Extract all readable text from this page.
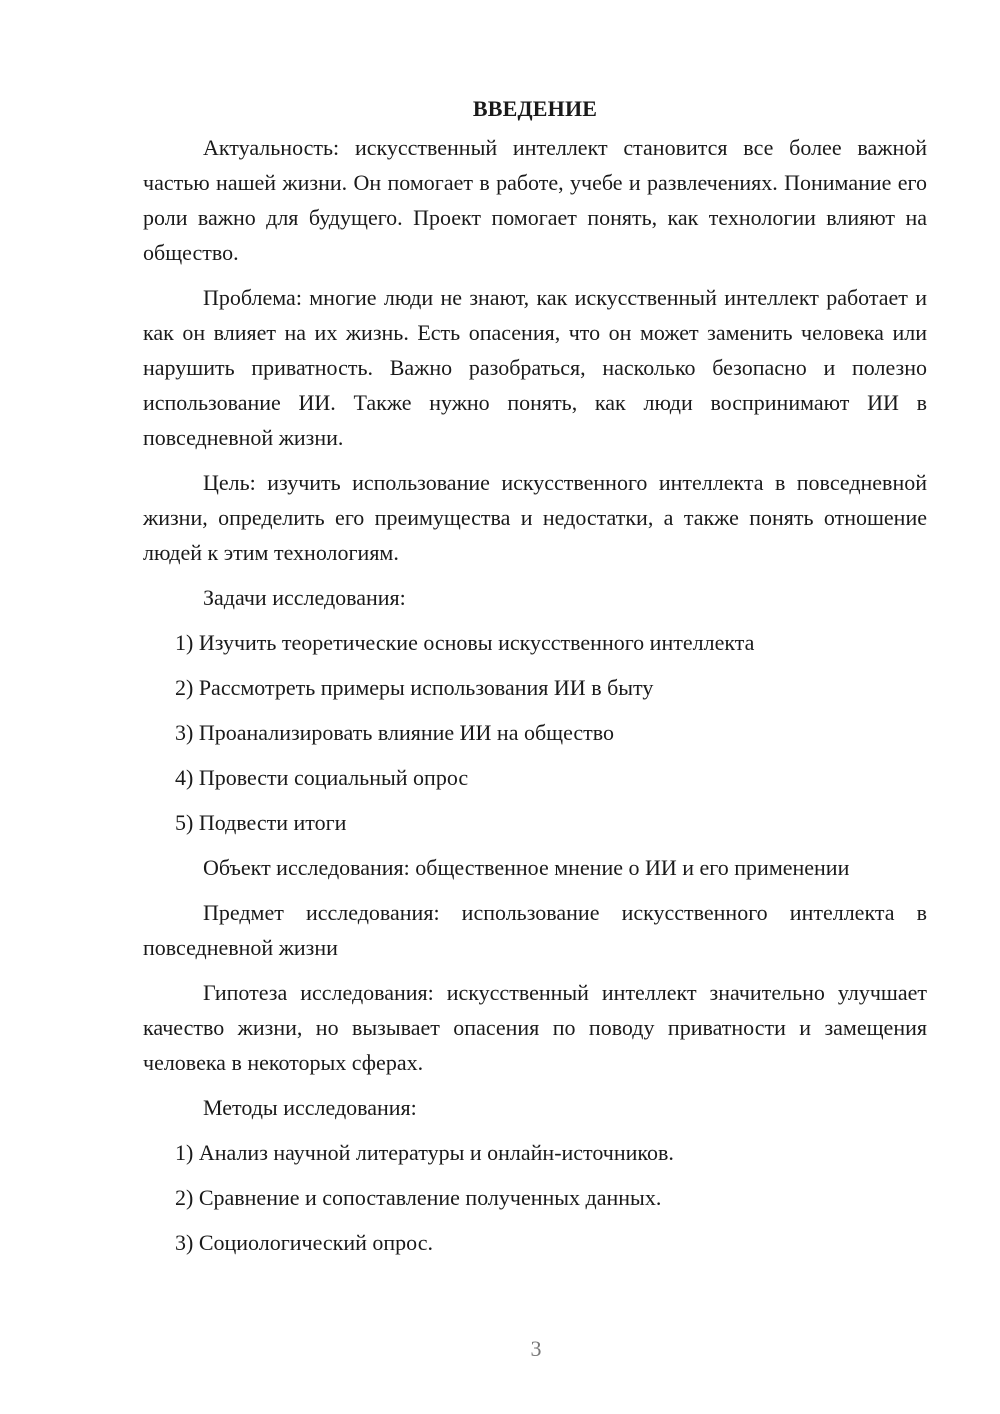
ВВЕДЕНИЕ

Актуальность: искусственный интеллект становится все более важной частью нашей жизни. Он помогает в работе, учебе и развлечениях. Понимание его роли важно для будущего. Проект помогает понять, как технологии влияют на общество.

Проблема: многие люди не знают, как искусственный интеллект работает и как он влияет на их жизнь. Есть опасения, что он может заменить человека или нарушить приватность. Важно разобраться, насколько безопасно и полезно использование ИИ. Также нужно понять, как люди воспринимают ИИ в повседневной жизни.

Цель: изучить использование искусственного интеллекта в повседневной жизни, определить его преимущества и недостатки, а также понять отношение людей к этим технологиям.

Задачи исследования:
1) Изучить теоретические основы искусственного интеллекта
2) Рассмотреть примеры использования ИИ в быту
3) Проанализировать влияние ИИ на общество
4) Провести социальный опрос
5) Подвести итоги

Объект исследования: общественное мнение о ИИ и его применении

Предмет исследования: использование искусственного интеллекта в повседневной жизни

Гипотеза исследования: искусственный интеллект значительно улучшает качество жизни, но вызывает опасения по поводу приватности и замещения человека в некоторых сферах.

Методы исследования:
1) Анализ научной литературы и онлайн-источников.
2) Сравнение и сопоставление полученных данных.
3) Социологический опрос.
3
